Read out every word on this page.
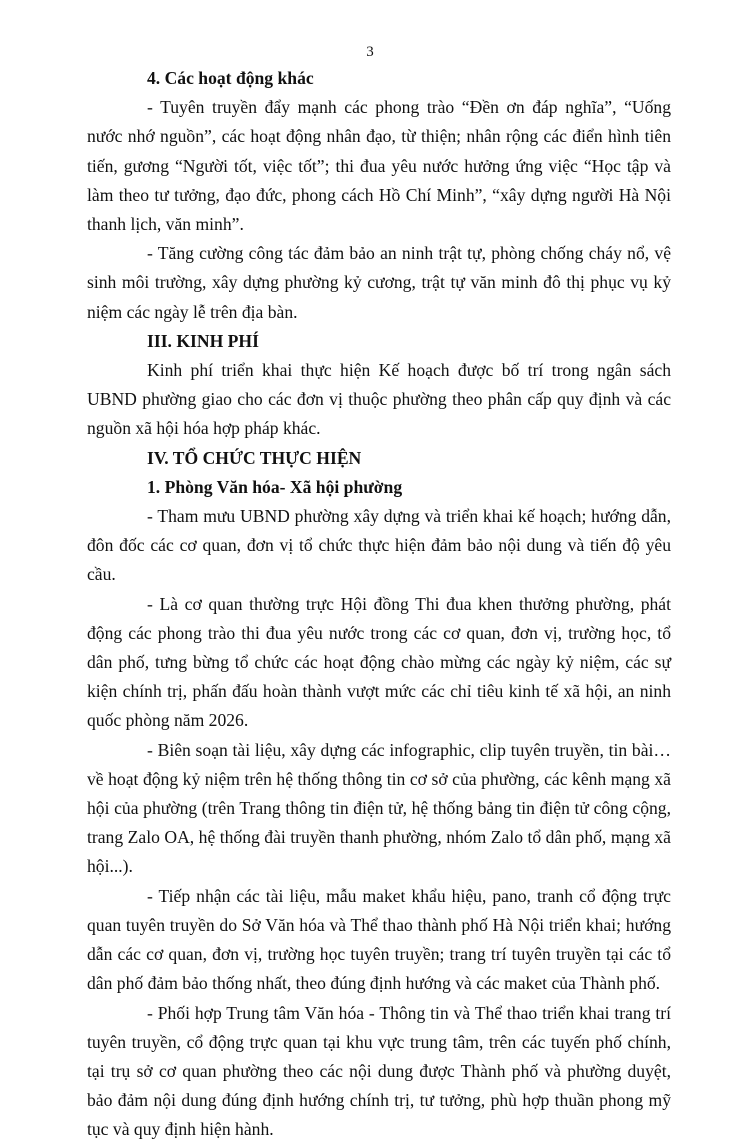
3

4. Các hoạt động khác

- Tuyên truyền đẩy mạnh các phong trào “Đền ơn đáp nghĩa”, “Uống nước nhớ nguồn”, các hoạt động nhân đạo, từ thiện; nhân rộng các điển hình tiên tiến, gương “Người tốt, việc tốt”; thi đua yêu nước hưởng ứng việc “Học tập và làm theo tư tưởng, đạo đức, phong cách Hồ Chí Minh”, “xây dựng người Hà Nội thanh lịch, văn minh”.

- Tăng cường công tác đảm bảo an ninh trật tự, phòng chống cháy nổ, vệ sinh môi trường, xây dựng phường kỷ cương, trật tự văn minh đô thị phục vụ kỷ niệm các ngày lễ trên địa bàn.

III. KINH PHÍ

Kinh phí triển khai thực hiện Kế hoạch được bố trí trong ngân sách UBND phường giao cho các đơn vị thuộc phường theo phân cấp quy định và các nguồn xã hội hóa hợp pháp khác.

IV. TỔ CHỨC THỰC HIỆN

1. Phòng Văn hóa- Xã hội phường

- Tham mưu UBND phường xây dựng và triển khai kế hoạch; hướng dẫn, đôn đốc các cơ quan, đơn vị tổ chức thực hiện đảm bảo nội dung và tiến độ yêu cầu.

- Là cơ quan thường trực Hội đồng Thi đua khen thưởng phường, phát động các phong trào thi đua yêu nước trong các cơ quan, đơn vị, trường học, tổ dân phố, tưng bừng tổ chức các hoạt động chào mừng các ngày kỷ niệm, các sự kiện chính trị, phấn đấu hoàn thành vượt mức các chỉ tiêu kinh tế xã hội, an ninh quốc phòng năm 2026.

- Biên soạn tài liệu, xây dựng các infographic, clip tuyên truyền, tin bài… về hoạt động kỷ niệm trên hệ thống thông tin cơ sở của phường, các kênh mạng xã hội của phường (trên Trang thông tin điện tử, hệ thống bảng tin điện tử công cộng, trang Zalo OA, hệ thống đài truyền thanh phường, nhóm Zalo tổ dân phố, mạng xã hội...).

- Tiếp nhận các tài liệu, mẫu maket khẩu hiệu, pano, tranh cổ động trực quan tuyên truyền do Sở Văn hóa và Thể thao thành phố Hà Nội triển khai; hướng dẫn các cơ quan, đơn vị, trường học tuyên truyền; trang trí tuyên truyền tại các tổ dân phố đảm bảo thống nhất, theo đúng định hướng và các maket của Thành phố.

- Phối hợp Trung tâm Văn hóa - Thông tin và Thể thao triển khai trang trí tuyên truyền, cổ động trực quan tại khu vực trung tâm, trên các tuyến phố chính, tại trụ sở cơ quan phường theo các nội dung được Thành phố và phường duyệt, bảo đảm nội dung đúng định hướng chính trị, tư tưởng, phù hợp thuần phong mỹ tục và quy định hiện hành.
